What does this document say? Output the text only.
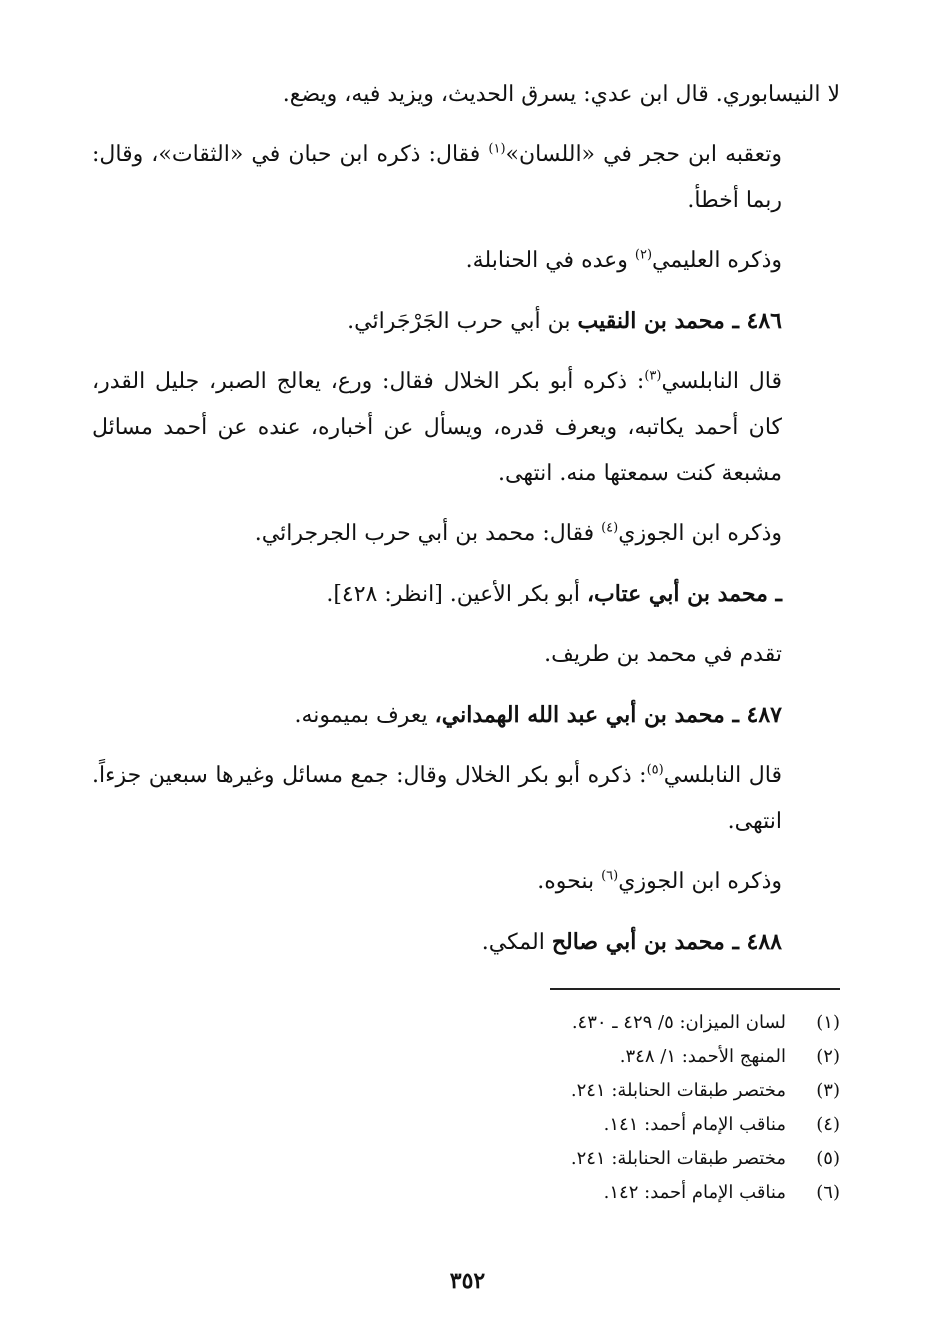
لا النيسابوري. قال ابن عدي: يسرق الحديث، ويزيد فيه، ويضع.

وتعقبه ابن حجر في «اللسان»$^{(١)}$ فقال: ذكره ابن حبان في «الثقات»، وقال: ربما أخطأ.

وذكره العليمي$^{(٢)}$ وعده في الحنابلة.

٤٨٦ ـ محمد بن النقيب بن أبي حرب الجَرْجَرائي.

قال النابلسي$^{(٣)}$: ذكره أبو بكر الخلال فقال: ورع، يعالج الصبر، جليل القدر، كان أحمد يكاتبه، ويعرف قدره، ويسأل عن أخباره، عنده عن أحمد مسائل مشبعة كنت سمعتها منه. انتهى.

وذكره ابن الجوزي$^{(٤)}$ فقال: محمد بن أبي حرب الجرجرائي.

ـ محمد بن أبي عتاب، أبو بكر الأعين. [انظر: ٤٢٨].

تقدم في محمد بن طريف.

٤٨٧ ـ محمد بن أبي عبد الله الهمداني، يعرف بميمونه.

قال النابلسي$^{(٥)}$: ذكره أبو بكر الخلال وقال: جمع مسائل وغيرها سبعين جزءاً. انتهى.

وذكره ابن الجوزي$^{(٦)}$ بنحوه.

٤٨٨ ـ محمد بن أبي صالح المكي.

(١)
لسان الميزان: ٥/ ٤٢٩ ـ ٤٣٠.
(٢)
المنهج الأحمد: ١/ ٣٤٨.
(٣)
مختصر طبقات الحنابلة: ٢٤١.
(٤)
مناقب الإمام أحمد: ١٤١.
(٥)
مختصر طبقات الحنابلة: ٢٤١.
(٦)
مناقب الإمام أحمد: ١٤٢.
٣٥٢
